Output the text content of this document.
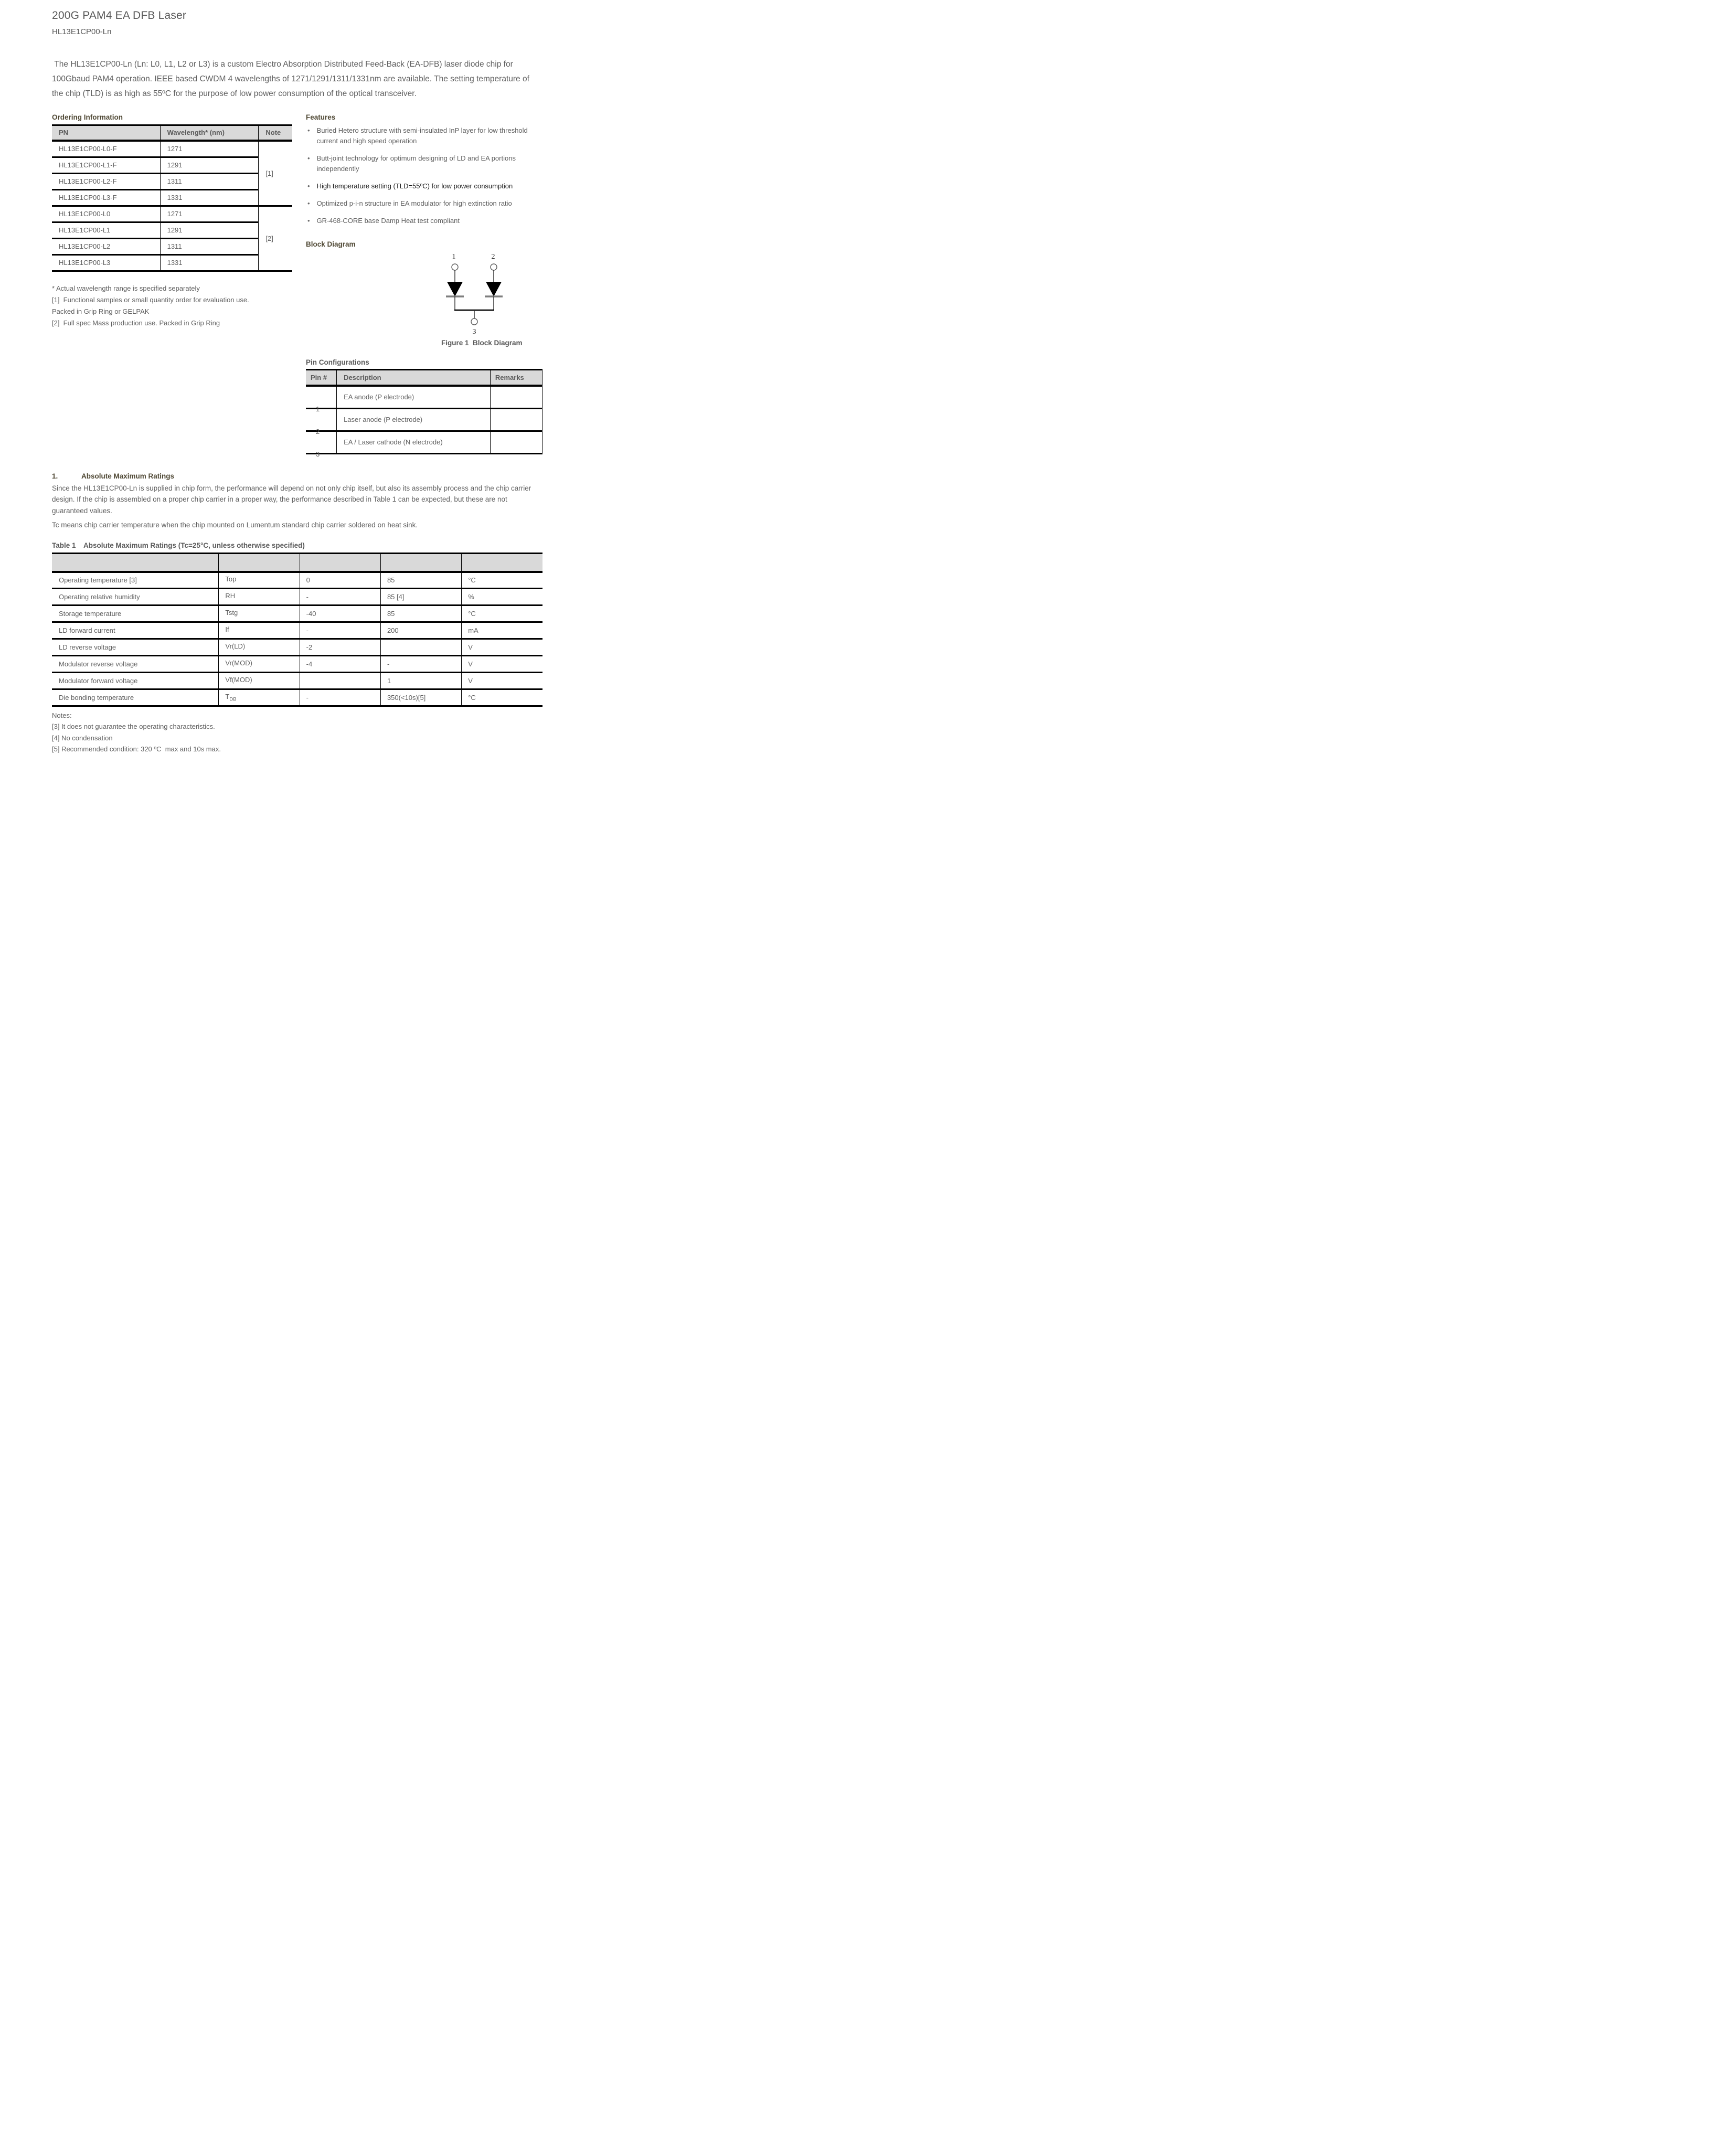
200G PAM4 EA DFB Laser
HL13E1CP00-Ln

The HL13E1CP00-Ln (Ln: L0, L1, L2 or L3) is a custom Electro Absorption Distributed Feed-Back (EA-DFB) laser diode chip for 100Gbaud PAM4 operation. IEEE based CWDM 4 wavelengths of 1271/1291/1311/1331nm are available. The setting temperature of the chip (TLD) is as high as 55ºC for the purpose of low power consumption of the optical transceiver.

Ordering Information
PN	Wavelength* (nm)	Note
HL13E1CP00-L0-F	1271	[1]
HL13E1CP00-L1-F	1291	
HL13E1CP00-L2-F	1311	
HL13E1CP00-L3-F	1331	
HL13E1CP00-L0	1271	[2]
HL13E1CP00-L1	1291	
HL13E1CP00-L2	1311	
HL13E1CP00-L3	1331	
* Actual wavelength range is specified separately
[1]  Functional samples or small quantity order for evaluation use.
Packed in Grip Ring or GELPAK
[2]  Full spec Mass production use. Packed in Grip Ring
Features
• Buried Hetero structure with semi-insulated InP layer for low threshold current and high speed operation
• Butt-joint technology for optimum designing of LD and EA portions independently
• High temperature setting (TLD=55ºC) for low power consumption
• Optimized p-i-n structure in EA modulator for high extinction ratio
• GR-468-CORE base Damp Heat test compliant
Block Diagram
1	2
3
Figure 1  Block Diagram
Pin Configurations
Pin #	Description	Remarks

1	EA anode (P electrode)	

2	Laser anode (P electrode)	

3	EA / Laser cathode (N electrode)	
1.	Absolute Maximum Ratings

Since the HL13E1CP00-Ln is supplied in chip form, the performance will depend on not only chip itself, but also its assembly process and the chip carrier design. If the chip is assembled on a proper chip carrier in a proper way, the performance described in Table 1 can be expected, but these are not guaranteed values.

Tc means chip carrier temperature when the chip mounted on Lumentum standard chip carrier soldered on heat sink.

Table 1    Absolute Maximum Ratings (Tc=25°C, unless otherwise specified)

Operating temperature [3]	Top	0	85	°C
Operating relative humidity	RH	-	85 [4]	%
Storage temperature	Tstg	-40	85	°C
LD forward current	If	-	200	mA
LD reverse voltage	Vr(LD)	-2		V
Modulator reverse voltage	Vr(MOD)	-4	-	V
Modulator forward voltage	Vf(MOD)		1	V
Die bonding temperature	$T_{DB}$	-	350(<10s)[5]	°C
Notes:
[3] It does not guarantee the operating characteristics.
[4] No condensation
[5] Recommended condition: 320 ºC  max and 10s max.
